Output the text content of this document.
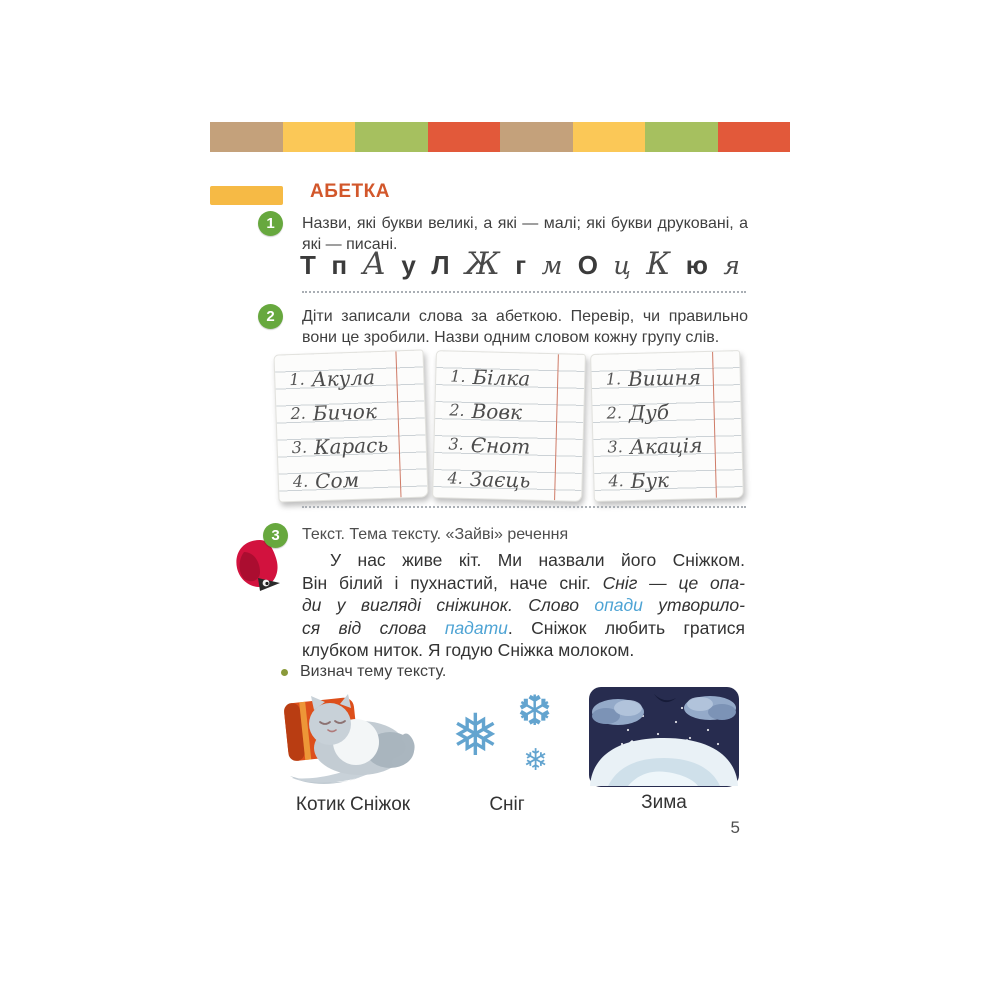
АБЕТКА
1 Назви, які букви великі, а які — малі; які букви друковані, а які — писані.

Т п А у Л Ж г м О ц К ю я
2 Діти записали слова за абеткою. Перевір, чи правильно вони це зробили. Назви одним словом кожну групу слів.

1. Акула
2. Бичок
3. Карась
4. Сом
1. Білка
2. Вовк
3. Єнот
4. Заєць
1. Вишня
2. Дуб
3. Акація
4. Бук
3 Текст. Тема тексту. «Зайві» речення

У нас живе кіт. Ми назвали його Сніжком.
Він білий і пухнастий, наче сніг. Сніг — це опа-
ди у вигляді сніжинок. Слово опади утворило-
ся від слова падати. Сніжок любить гратися
клубком ниток. Я годую Сніжка молоком.
Визнач тему тексту.
Котик Сніжок
❅ ❆
❄
Сніг	Зима
5
